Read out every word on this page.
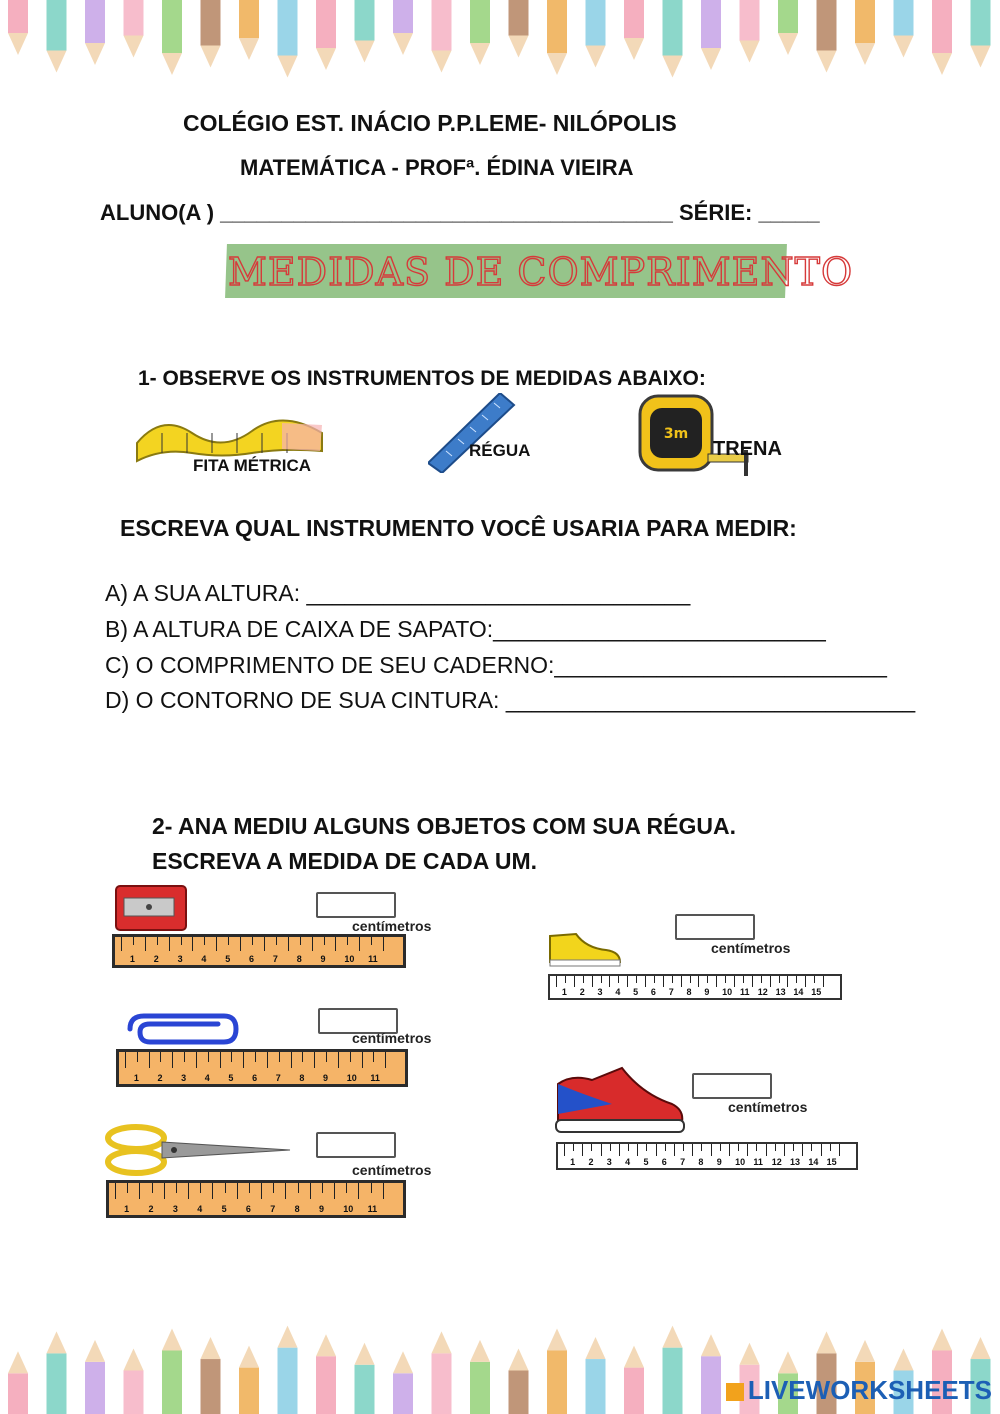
COLÉGIO EST. INÁCIO P.P.LEME- NILÓPOLIS
MATEMÁTICA - PROFª. ÉDINA VIEIRA
ALUNO(A ) _____________________________________ SÉRIE: _____
MEDIDAS DE COMPRIMENTO
1- OBSERVE OS INSTRUMENTOS DE MEDIDAS ABAIXO:
FITA MÉTRICA
RÉGUA
3m
TRENA
ESCREVA QUAL INSTRUMENTO VOCÊ USARIA PARA MEDIR:
A) A SUA ALTURA: ______________________________
B) A ALTURA DE CAIXA DE SAPATO:__________________________
C) O COMPRIMENTO DE SEU CADERNO:__________________________
D) O CONTORNO DE SUA CINTURA: ________________________________
2- ANA MEDIU ALGUNS OBJETOS COM SUA RÉGUA.
ESCREVA A MEDIDA DE CADA UM.
centímetros
1 2 3 4 5 6 7 8 9 10 11
centímetros
1 2 3 4 5 6 7 8 9 10 11
centímetros
1 2 3 4 5 6 7 8 9 10 11
centímetros
1 2 3 4 5 6 7 8 9 10 11 12 13 14 15
centímetros
1 2 3 4 5 6 7 8 9 10 11 12 13 14 15
LIVEWORKSHEETS
